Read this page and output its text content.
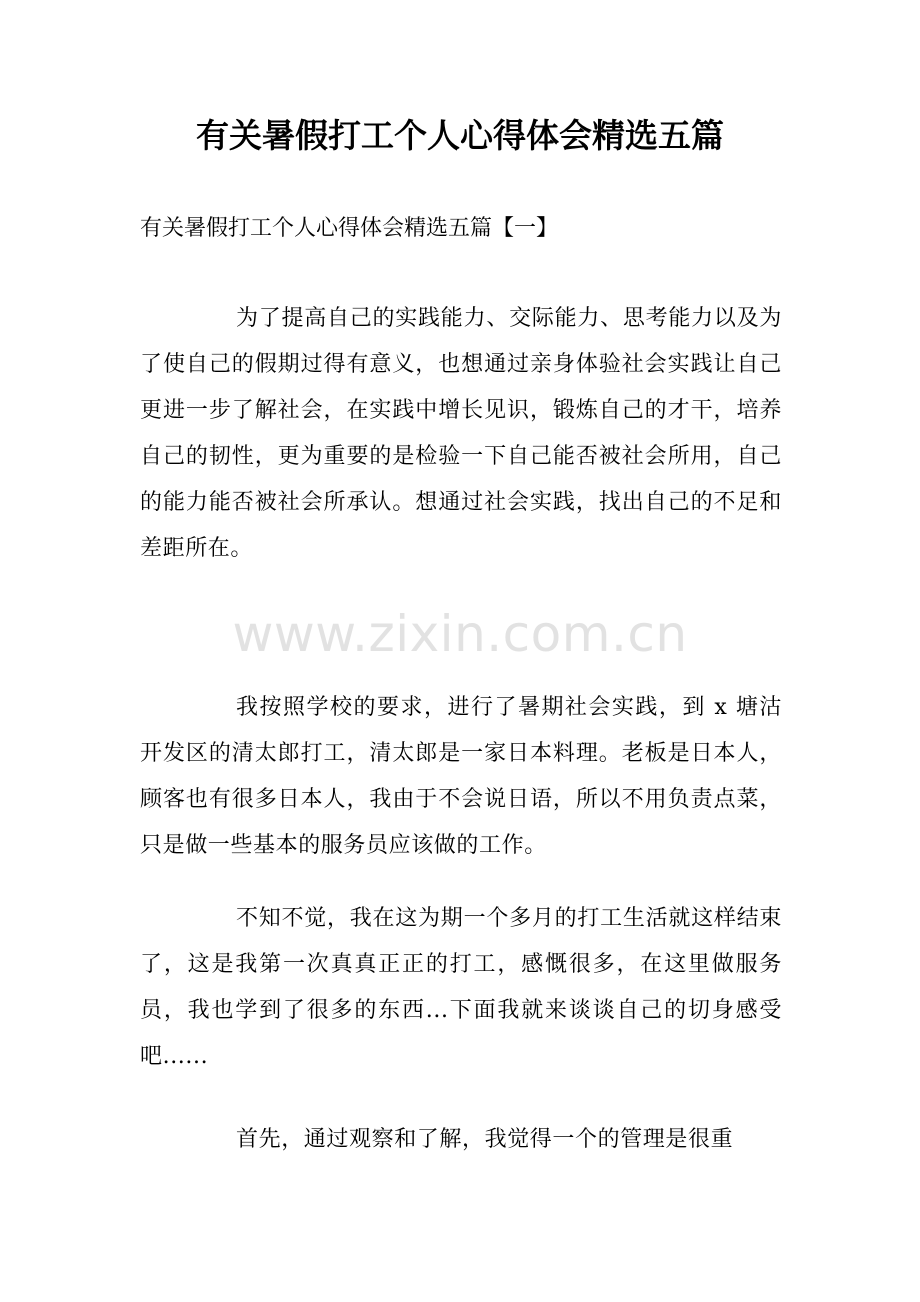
有关暑假打工个人心得体会精选五篇
有关暑假打工个人心得体会精选五篇【一】

为了提高自己的实践能力、交际能力、思考能力以及为了使自己的假期过得有意义，也想通过亲身体验社会实践让自己更进一步了解社会，在实践中增长见识，锻炼自己的才干，培养自己的韧性，更为重要的是检验一下自己能否被社会所用，自己的能力能否被社会所承认。想通过社会实践，找出自己的不足和差距所在。

www.zixin.com.cn

我按照学校的要求，进行了暑期社会实践，到 x 塘沽开发区的清太郎打工，清太郎是一家日本料理。老板是日本人，顾客也有很多日本人，我由于不会说日语，所以不用负责点菜，只是做一些基本的服务员应该做的工作。

不知不觉，我在这为期一个多月的打工生活就这样结束了，这是我第一次真真正正的打工，感慨很多，在这里做服务员，我也学到了很多的东西...下面我就来谈谈自己的切身感受吧......

首先，通过观察和了解，我觉得一个的管理是很重
